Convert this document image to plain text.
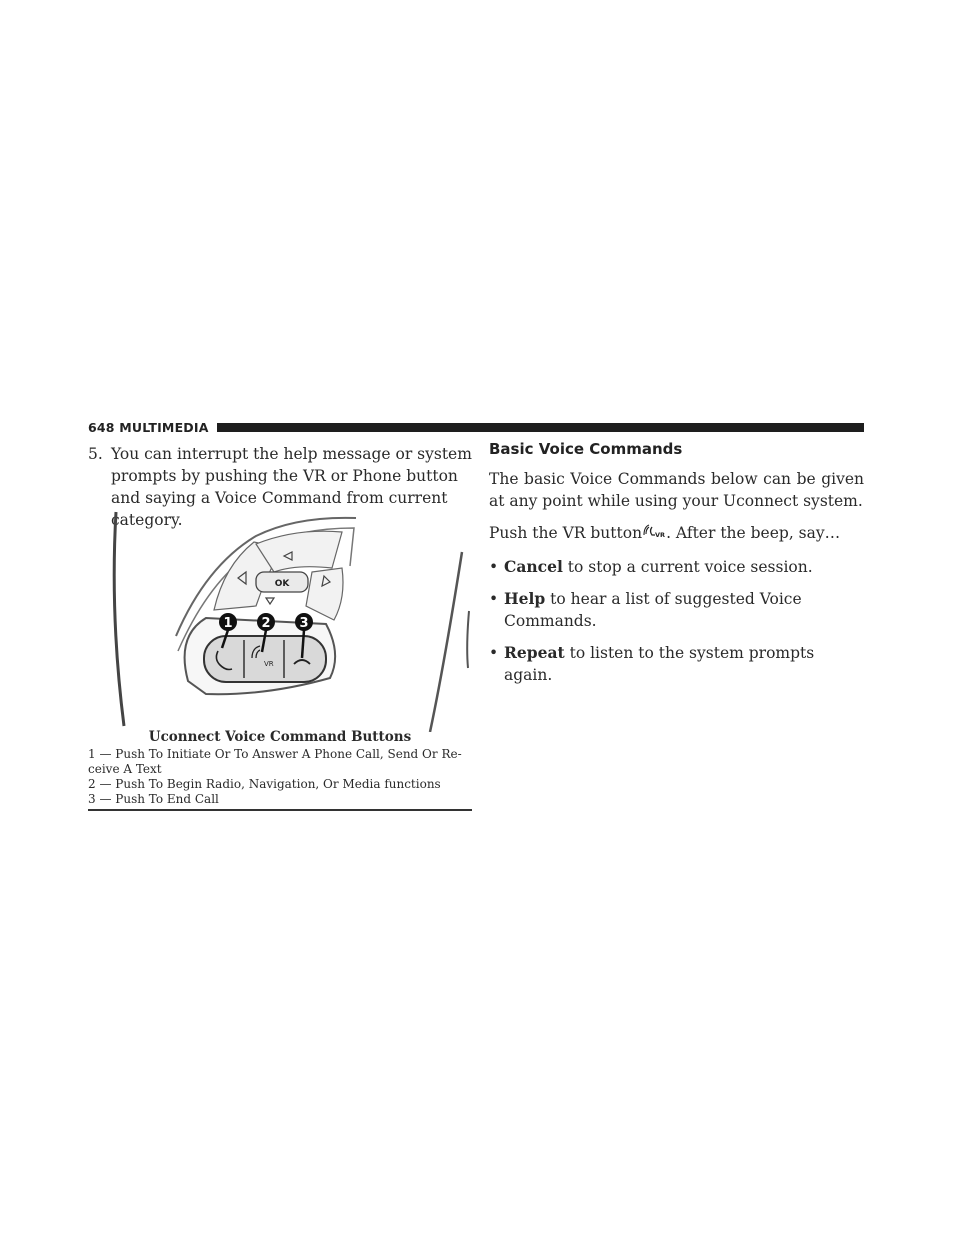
648 MULTIMEDIA

5. You can interrupt the help message or system prompts by pushing the VR or Phone button and saying a Voice Command from current category.

OK
VR
1 2 3
Uconnect Voice Command Buttons

1 — Push To Initiate Or To Answer A Phone Call, Send Or Re-ceive A Text

2 — Push To Begin Radio, Navigation, Or Media functions

3 — Push To End Call

Basic Voice Commands

The basic Voice Commands below can be given at any point while using your Uconnect system.

Push the VR button VR . After the beep, say…

• Cancel to stop a current voice session.

• Help to hear a list of suggested Voice Commands.

• Repeat to listen to the system prompts again.
